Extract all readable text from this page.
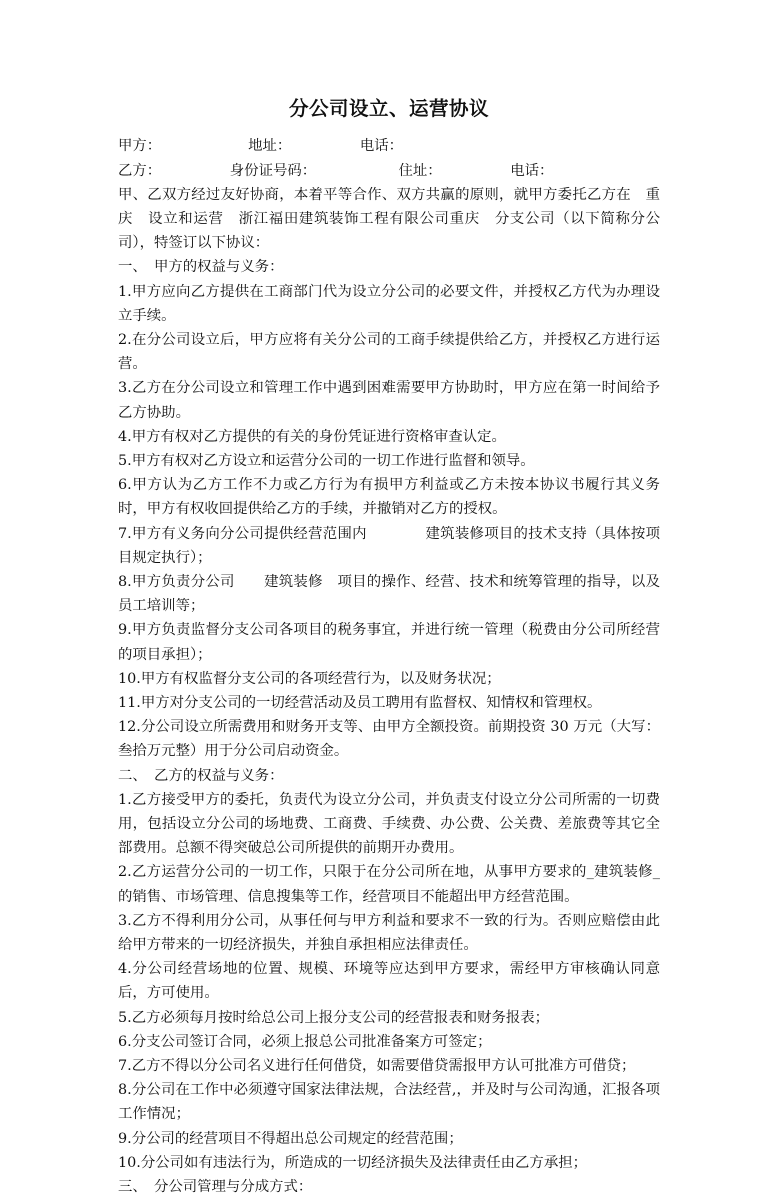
分公司设立、运营协议

甲方：                   地址：               电话：

乙方：               身份证号码：                  住址：               电话：

甲、乙双方经过友好协商，本着平等合作、双方共赢的原则，就甲方委托乙方在　重庆　设立和运营　浙江福田建筑装饰工程有限公司重庆　分支公司（以下简称分公司），特签订以下协议：

一、　甲方的权益与义务：

1.甲方应向乙方提供在工商部门代为设立分公司的必要文件，并授权乙方代为办理设立手续。

2.在分公司设立后，甲方应将有关分公司的工商手续提供给乙方，并授权乙方进行运营。

3.乙方在分公司设立和管理工作中遇到困难需要甲方协助时，甲方应在第一时间给予乙方协助。

4.甲方有权对乙方提供的有关的身份凭证进行资格审查认定。

5.甲方有权对乙方设立和运营分公司的一切工作进行监督和领导。

6.甲方认为乙方工作不力或乙方行为有损甲方利益或乙方未按本协议书履行其义务时，甲方有权收回提供给乙方的手续，并撤销对乙方的授权。

7.甲方有义务向分公司提供经营范围内　　　　建筑装修项目的技术支持（具体按项目规定执行）；

8.甲方负责分公司　　建筑装修　项目的操作、经营、技术和统筹管理的指导，以及员工培训等；

9.甲方负责监督分支公司各项目的税务事宜，并进行统一管理（税费由分公司所经营的项目承担）；

10.甲方有权监督分支公司的各项经营行为，以及财务状况；

11.甲方对分支公司的一切经营活动及员工聘用有监督权、知情权和管理权。

12.分公司设立所需费用和财务开支等、由甲方全额投资。前期投资 30 万元（大写：叁拾万元整）用于分公司启动资金。

二、　乙方的权益与义务：

1.乙方接受甲方的委托，负责代为设立分公司，并负责支付设立分公司所需的一切费用，包括设立分公司的场地费、工商费、手续费、办公费、公关费、差旅费等其它全部费用。总额不得突破总公司所提供的前期开办费用。

2.乙方运营分公司的一切工作，只限于在分公司所在地，从事甲方要求的_建筑装修_的销售、市场管理、信息搜集等工作，经营项目不能超出甲方经营范围。

3.乙方不得利用分公司，从事任何与甲方利益和要求不一致的行为。否则应赔偿由此给甲方带来的一切经济损失，并独自承担相应法律责任。

4.分公司经营场地的位置、规模、环境等应达到甲方要求，需经甲方审核确认同意后，方可使用。

5.乙方必须每月按时给总公司上报分支公司的经营报表和财务报表；

6.分支公司签订合同，必须上报总公司批准备案方可签定；

7.乙方不得以分公司名义进行任何借贷，如需要借贷需报甲方认可批准方可借贷；

8.分公司在工作中必须遵守国家法律法规，合法经营,，并及时与公司沟通，汇报各项工作情况；

9.分公司的经营项目不得超出总公司规定的经营范围；

10.分公司如有违法行为，所造成的一切经济损失及法律责任由乙方承担；

三、　分公司管理与分成方式：
